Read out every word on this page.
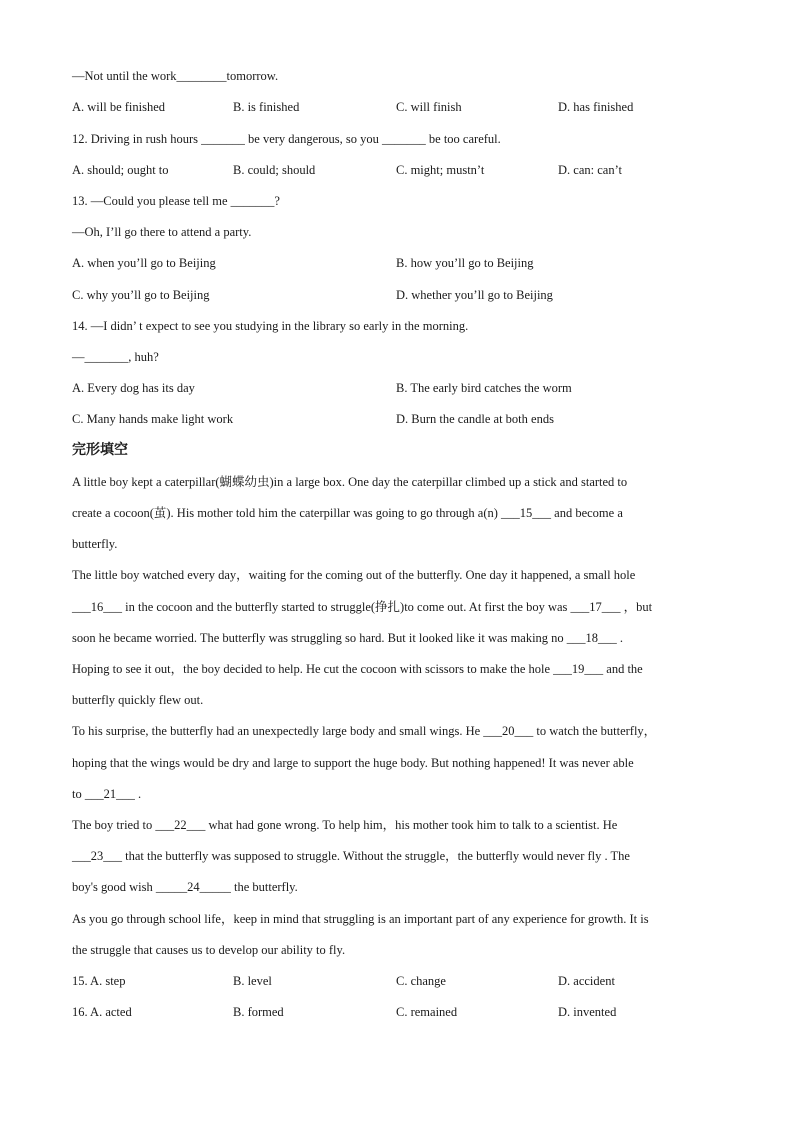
—Not until the work________tomorrow.
A. will be finished	B. is finished	C. will finish	D. has finished
12. Driving in rush hours _______ be very dangerous, so you _______ be too careful.
A. should; ought to	B. could; should	C. might; mustn’t	D. can: can’t
13. —Could you please tell me _______?
—Oh, I’ll go there to attend a party.
A. when you’ll go to Beijing	B. how you’ll go to Beijing
C. why you’ll go to Beijing	D. whether you’ll go to Beijing
14. —I didn’ t expect to see you studying in the library so early in the morning.
—_______, huh?
A. Every dog has its day	B. The early bird catches the worm
C. Many hands make light work	D. Burn the candle at both ends
完形填空
A little boy kept a caterpillar(蝴蝶幼虫)in a large box. One day the caterpillar climbed up a stick and started to
create a cocoon(茧). His mother told him the caterpillar was going to go through a(n) ___15___ and become a
butterfly.
The little boy watched every day，waiting for the coming out of the butterfly. One day it happened, a small hole
___16___ in the cocoon and the butterfly started to struggle(挣扎)to come out. At first the boy was ___17___ ，but
soon he became worried. The butterfly was struggling so hard. But it looked like it was making no ___18___ .
Hoping to see it out，the boy decided to help. He cut the cocoon with scissors to make the hole ___19___ and the
butterfly quickly flew out.
To his surprise, the butterfly had an unexpectedly large body and small wings. He ___20___ to watch the butterfly，
hoping that the wings would be dry and large to support the huge body. But nothing happened! It was never able
to ___21___ .
The boy tried to ___22___ what had gone wrong. To help him，his mother took him to talk to a scientist. He
___23___ that the butterfly was supposed to struggle. Without the struggle，the butterfly would never fly . The
boy's good wish _____24_____ the butterfly.
As you go through school life，keep in mind that struggling is an important part of any experience for growth. It is
the struggle that causes us to develop our ability to fly.
15. A. step	B. level	C. change	D. accident
16. A. acted	B. formed	C. remained	D. invented
